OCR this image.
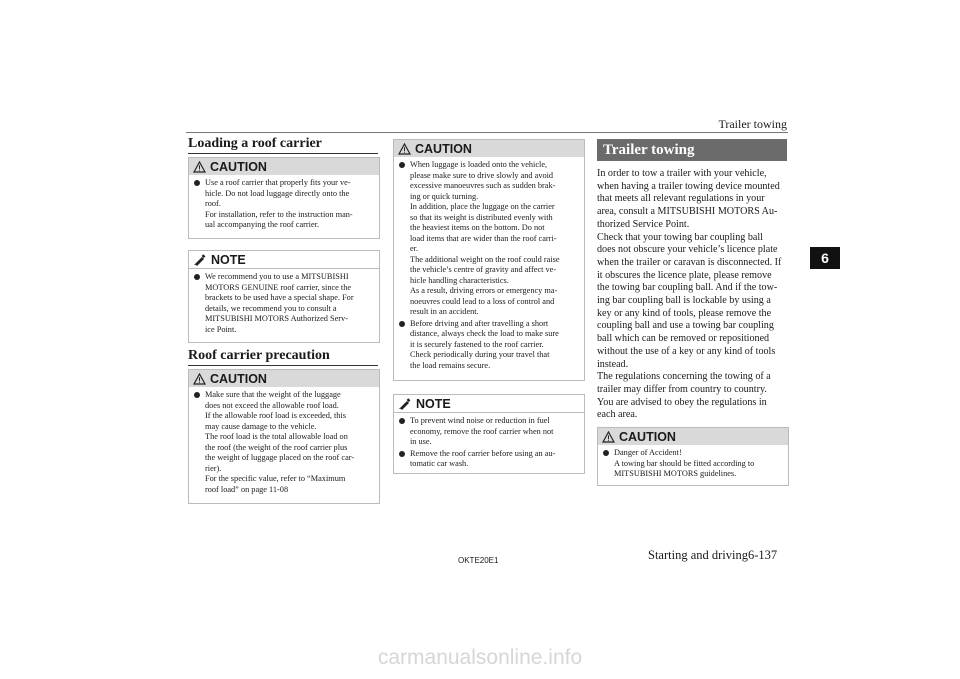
Trailer towing
6
Loading a roof carrier
CAUTION
Use a roof carrier that properly fits your ve-
hicle. Do not load luggage directly onto the
roof.
For installation, refer to the instruction man-
ual accompanying the roof carrier.
NOTE
We recommend you to use a MITSUBISHI
MOTORS GENUINE roof carrier, since the
brackets to be used have a special shape. For
details, we recommend you to consult a
MITSUBISHI MOTORS Authorized Serv-
ice Point.
Roof carrier precaution
CAUTION
Make sure that the weight of the luggage
does not exceed the allowable roof load.
If the allowable roof load is exceeded, this
may cause damage to the vehicle.
The roof load is the total allowable load on
the roof (the weight of the roof carrier plus
the weight of luggage placed on the roof car-
rier).
For the specific value, refer to “Maximum
roof load” on page 11-08
CAUTION
When luggage is loaded onto the vehicle,
please make sure to drive slowly and avoid
excessive manoeuvres such as sudden brak-
ing or quick turning.
In addition, place the luggage on the carrier
so that its weight is distributed evenly with
the heaviest items on the bottom. Do not
load items that are wider than the roof carri-
er.
The additional weight on the roof could raise
the vehicle’s centre of gravity and affect ve-
hicle handling characteristics.
As a result, driving errors or emergency ma-
noeuvres could lead to a loss of control and
result in an accident.
Before driving and after travelling a short
distance, always check the load to make sure
it is securely fastened to the roof carrier.
Check periodically during your travel that
the load remains secure.
NOTE
To prevent wind noise or reduction in fuel
economy, remove the roof carrier when not
in use.
Remove the roof carrier before using an au-
tomatic car wash.
Trailer towing
In order to tow a trailer with your vehicle,
when having a trailer towing device mounted
that meets all relevant regulations in your
area, consult a MITSUBISHI MOTORS Au-
thorized Service Point.
Check that your towing bar coupling ball
does not obscure your vehicle’s licence plate
when the trailer or caravan is disconnected. If
it obscures the licence plate, please remove
the towing bar coupling ball. And if the tow-
ing bar coupling ball is lockable by using a
key or any kind of tools, please remove the
coupling ball and use a towing bar coupling
ball which can be removed or repositioned
without the use of a key or any kind of tools
instead.
The regulations concerning the towing of a
trailer may differ from country to country.
You are advised to obey the regulations in
each area.
CAUTION
Danger of Accident!
A towing bar should be fitted according to
MITSUBISHI MOTORS guidelines.
OKTE20E1	Starting and driving 6-137
carmanualsonline.info
